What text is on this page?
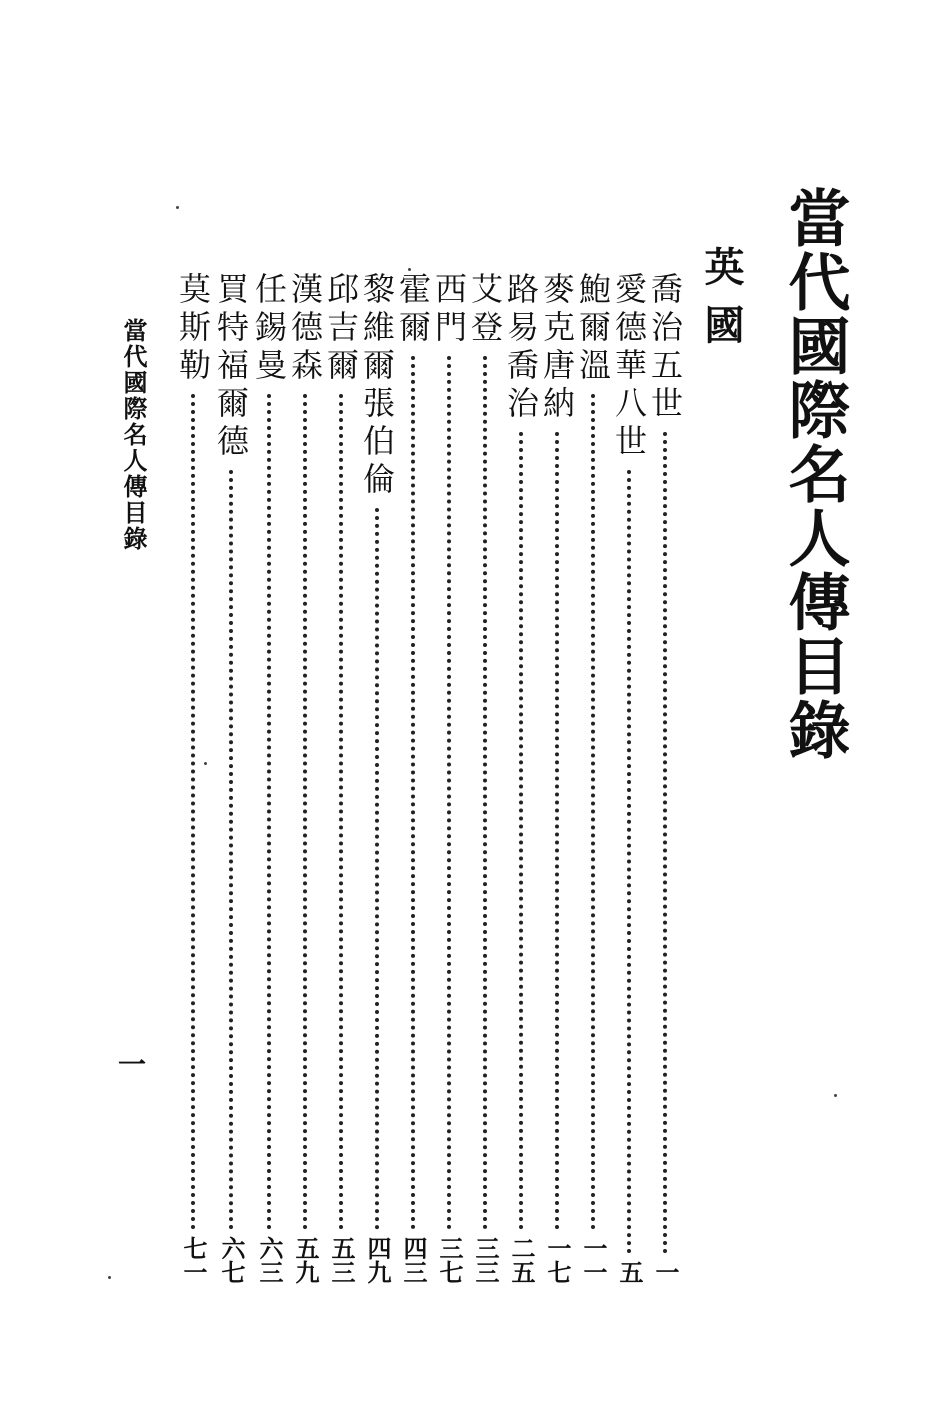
當代國際名人傳目錄
英國
喬治五世
一
愛德華八世
五
鮑爾溫
一一
麥克唐納
一七
路易喬治
二五
艾登
三三
西門
三七
霍爾
四三
黎維爾張伯倫
四九
邱吉爾
五三
漢德森
五九
任錫曼
六三
買特福爾德
六七
莫斯勒
七一
當代國際名人傳目錄
一
